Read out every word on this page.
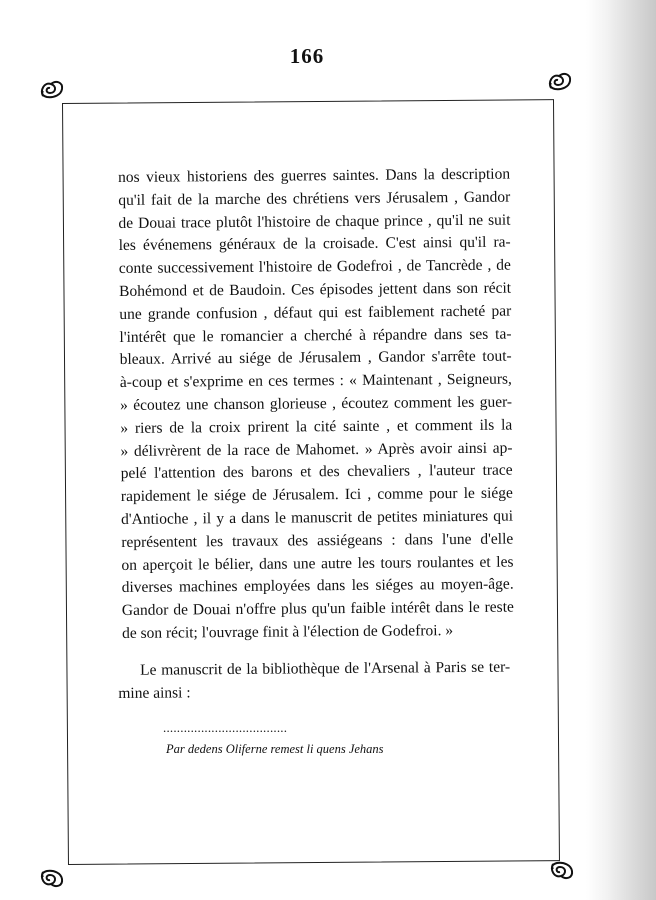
166
nos vieux historiens des guerres saintes. Dans la description
qu'il fait de la marche des chrétiens vers Jérusalem , Gandor
de Douai trace plutôt l'histoire de chaque prince , qu'il ne suit
les événemens généraux de la croisade. C'est ainsi qu'il ra-
conte successivement l'histoire de Godefroi , de Tancrède , de
Bohémond et de Baudoin. Ces épisodes jettent dans son récit
une grande confusion , défaut qui est faiblement racheté par
l'intérêt que le romancier a cherché à répandre dans ses ta-
bleaux. Arrivé au siége de Jérusalem , Gandor s'arrête tout-
à-coup et s'exprime en ces termes : « Maintenant , Seigneurs,
» écoutez une chanson glorieuse , écoutez comment les guer-
» riers de la croix prirent la cité sainte , et comment ils la
» délivrèrent de la race de Mahomet. » Après avoir ainsi ap-
pelé l'attention des barons et des chevaliers , l'auteur trace
rapidement le siége de Jérusalem. Ici , comme pour le siége
d'Antioche , il y a dans le manuscrit de petites miniatures qui
représentent les travaux des assiégeans : dans l'une d'elle
on aperçoit le bélier, dans une autre les tours roulantes et les
diverses machines employées dans les siéges au moyen-âge.
Gandor de Douai n'offre plus qu'un faible intérêt dans le reste
de son récit; l'ouvrage finit à l'élection de Godefroi. »
Le manuscrit de la bibliothèque de l'Arsenal à Paris se ter-
mine ainsi :
....................................
Par dedens Oliferne remest li quens Jehans
